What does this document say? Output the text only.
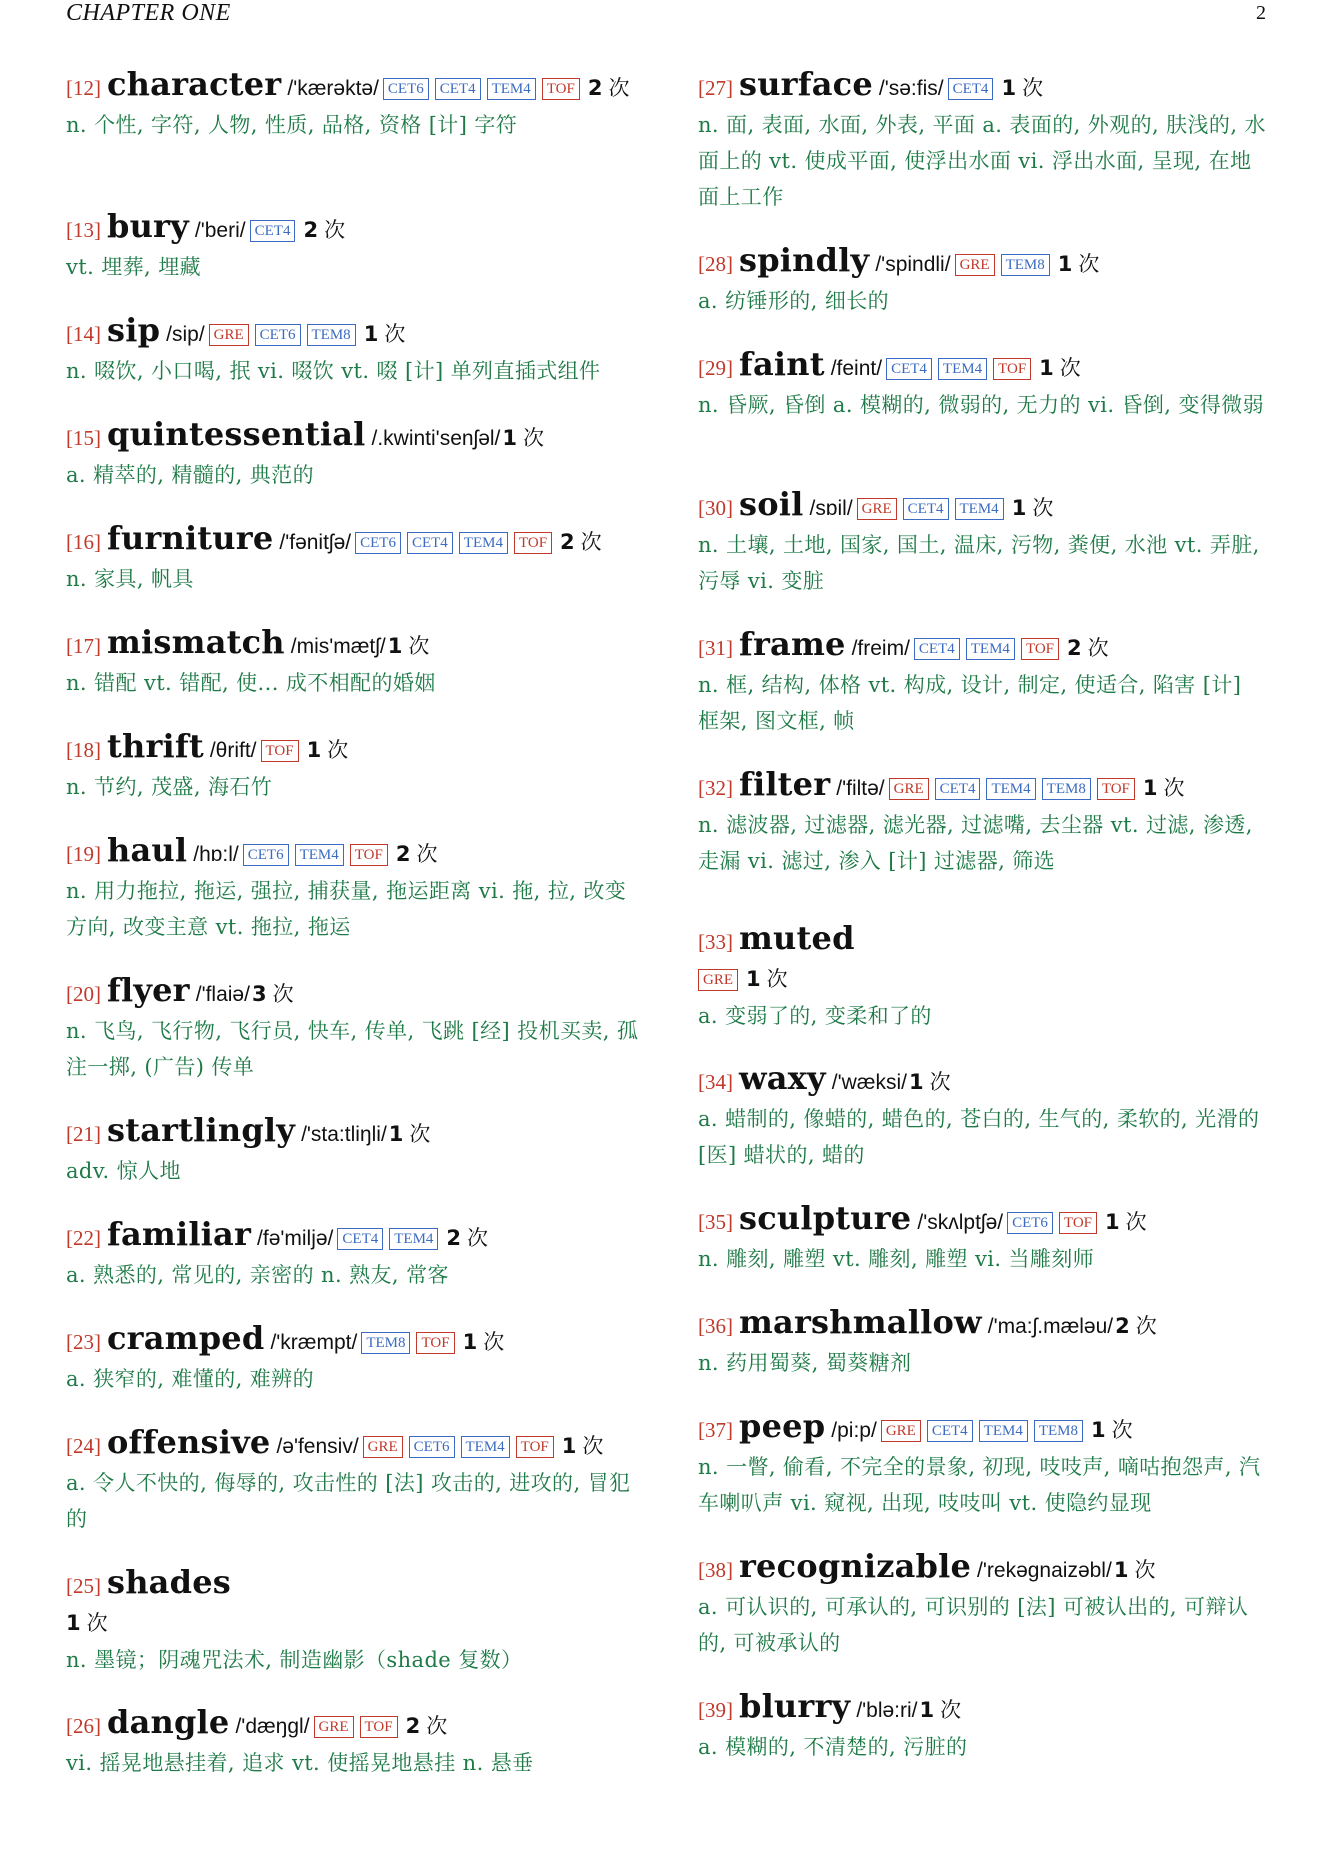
CHAPTER ONE	2
[12] character /'kærəktə/ CET6 CET4 TEM4 TOF 2 次
n. 个性, 字符, 人物, 性质, 品格, 资格 [计] 字符
[13] bury /'beri/ CET4 2 次
vt. 埋葬, 埋藏
[14] sip /sip/ GRE CET6 TEM8 1 次
n. 啜饮, 小口喝, 抿 vi. 啜饮 vt. 啜 [计] 单列直插式组件
[15] quintessential /.kwinti'senʃəl/1 次
a. 精萃的, 精髓的, 典范的
[16] furniture /'fənitʃə/ CET6 CET4 TEM4 TOF 2 次
n. 家具, 帆具
[17] mismatch /mis'mætʃ/1 次
n. 错配 vt. 错配, 使... 成不相配的婚姻
[18] thrift /θrift/ TOF 1 次
n. 节约, 茂盛, 海石竹
[19] haul /hɒ:l/ CET6 TEM4 TOF 2 次
n. 用力拖拉, 拖运, 强拉, 捕获量, 拖运距离 vi. 拖, 拉, 改变方向, 改变主意 vt. 拖拉, 拖运
[20] flyer /'flaiə/3 次
n. 飞鸟, 飞行物, 飞行员, 快车, 传单, 飞跳 [经] 投机买卖, 孤注一掷, (广告) 传单
[21] startlingly /'sta:tliŋli/1 次
adv. 惊人地
[22] familiar /fə'miljə/ CET4 TEM4 2 次
a. 熟悉的, 常见的, 亲密的 n. 熟友, 常客
[23] cramped /'kræmpt/ TEM8 TOF 1 次
a. 狭窄的, 难懂的, 难辨的
[24] offensive /ə'fensiv/ GRE CET6 TEM4 TOF 1 次
a. 令人不快的, 侮辱的, 攻击性的 [法] 攻击的, 进攻的, 冒犯的
[25] shades
1 次
n. 墨镜；阴魂咒法术, 制造幽影（shade 复数）
[26] dangle /'dæŋgl/ GRE TOF 2 次
vi. 摇晃地悬挂着, 追求 vt. 使摇晃地悬挂 n. 悬垂
[27] surface /'sə:fis/ CET4 1 次
n. 面, 表面, 水面, 外表, 平面 a. 表面的, 外观的, 肤浅的, 水面上的 vt. 使成平面, 使浮出水面 vi. 浮出水面, 呈现, 在地面上工作
[28] spindly /'spindli/ GRE TEM8 1 次
a. 纺锤形的, 细长的
[29] faint /feint/ CET4 TEM4 TOF 1 次
n. 昏厥, 昏倒 a. 模糊的, 微弱的, 无力的 vi. 昏倒, 变得微弱
[30] soil /sɒil/ GRE CET4 TEM4 1 次
n. 土壤, 土地, 国家, 国土, 温床, 污物, 粪便, 水池 vt. 弄脏, 污辱 vi. 变脏
[31] frame /freim/ CET4 TEM4 TOF 2 次
n. 框, 结构, 体格 vt. 构成, 设计, 制定, 使适合, 陷害 [计] 框架, 图文框, 帧
[32] filter /'filtə/ GRE CET4 TEM4 TEM8 TOF 1 次
n. 滤波器, 过滤器, 滤光器, 过滤嘴, 去尘器 vt. 过滤, 渗透, 走漏 vi. 滤过, 渗入 [计] 过滤器, 筛选
[33] muted
GRE 1 次
a. 变弱了的, 变柔和了的
[34] waxy /'wæksi/1 次
a. 蜡制的, 像蜡的, 蜡色的, 苍白的, 生气的, 柔软的, 光滑的 [医] 蜡状的, 蜡的
[35] sculpture /'skʌlptʃə/ CET6 TOF 1 次
n. 雕刻, 雕塑 vt. 雕刻, 雕塑 vi. 当雕刻师
[36] marshmallow /'ma:ʃ.mæləu/2 次
n. 药用蜀葵, 蜀葵糖剂
[37] peep /pi:p/ GRE CET4 TEM4 TEM8 1 次
n. 一瞥, 偷看, 不完全的景象, 初现, 吱吱声, 嘀咕抱怨声, 汽车喇叭声 vi. 窥视, 出现, 吱吱叫 vt. 使隐约显现
[38] recognizable /'rekəgnaizəbl/1 次
a. 可认识的, 可承认的, 可识别的 [法] 可被认出的, 可辩认的, 可被承认的
[39] blurry /'blə:ri/1 次
a. 模糊的, 不清楚的, 污脏的
